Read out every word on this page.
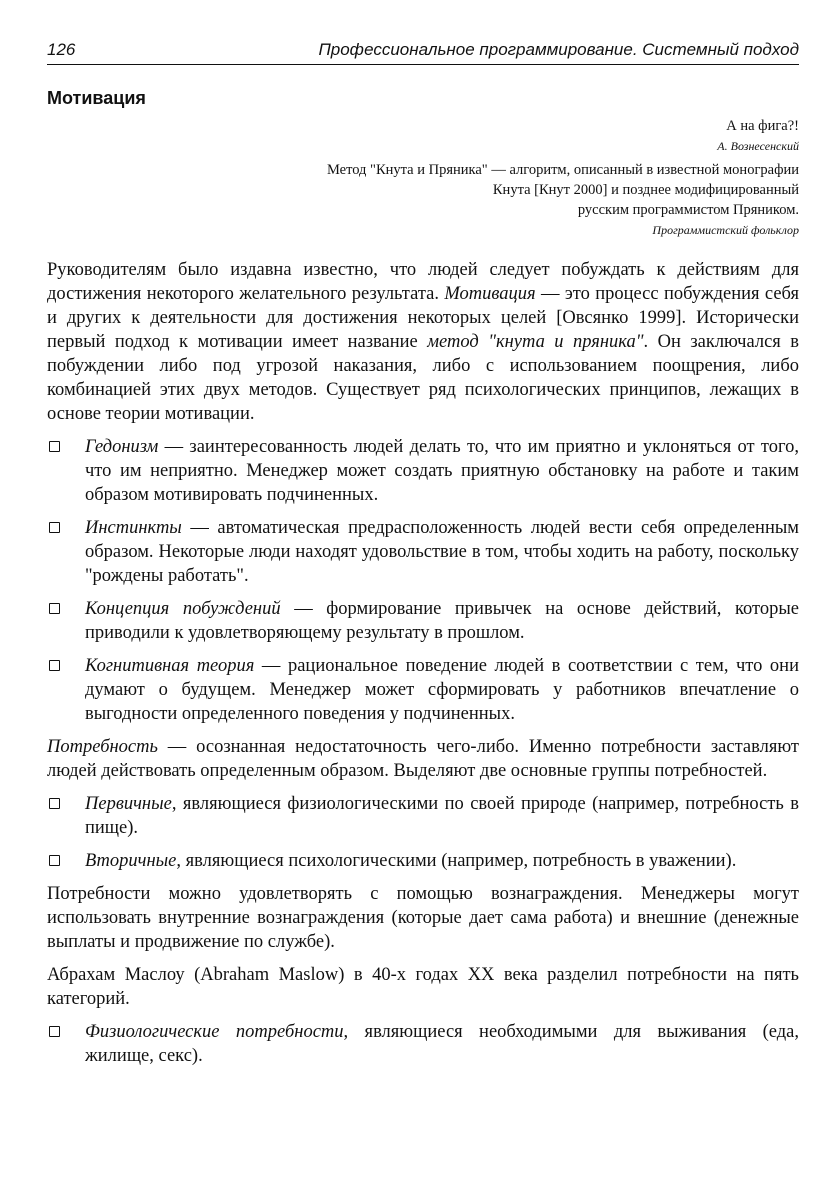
126	Профессиональное программирование. Системный подход
Мотивация
А на фига?!
А. Вознесенский
Метод "Кнута и Пряника" — алгоритм, описанный в известной монографии
Кнута [Кнут 2000] и позднее модифицированный
русским программистом Пряником.
Программистский фольклор

Руководителям было издавна известно, что людей следует побуждать к действиям для достижения некоторого желательного результата. Мотивация — это процесс побуждения себя и других к деятельности для достижения некоторых целей [Овсянко 1999]. Исторически первый подход к мотивации имеет название метод "кнута и пряника". Он заключался в побуждении либо под угрозой наказания, либо с использованием поощрения, либо комбинацией этих двух методов. Существует ряд психологических принципов, лежащих в основе теории мотивации.

Гедонизм — заинтересованность людей делать то, что им приятно и уклоняться от того, что им неприятно. Менеджер может создать приятную обстановку на работе и таким образом мотивировать подчиненных.
Инстинкты — автоматическая предрасположенность людей вести себя определенным образом. Некоторые люди находят удовольствие в том, чтобы ходить на работу, поскольку "рождены работать".
Концепция побуждений — формирование привычек на основе действий, которые приводили к удовлетворяющему результату в прошлом.
Когнитивная теория — рациональное поведение людей в соответствии с тем, что они думают о будущем. Менеджер может сформировать у работников впечатление о выгодности определенного поведения у подчиненных.

Потребность — осознанная недостаточность чего-либо. Именно потребности заставляют людей действовать определенным образом. Выделяют две основные группы потребностей.

Первичные, являющиеся физиологическими по своей природе (например, потребность в пище).
Вторичные, являющиеся психологическими (например, потребность в уважении).

Потребности можно удовлетворять с помощью вознаграждения. Менеджеры могут использовать внутренние вознаграждения (которые дает сама работа) и внешние (денежные выплаты и продвижение по службе).

Абрахам Маслоу (Abraham Maslow) в 40-х годах XX века разделил потребности на пять категорий.

Физиологические потребности, являющиеся необходимыми для выживания (еда, жилище, секс).
